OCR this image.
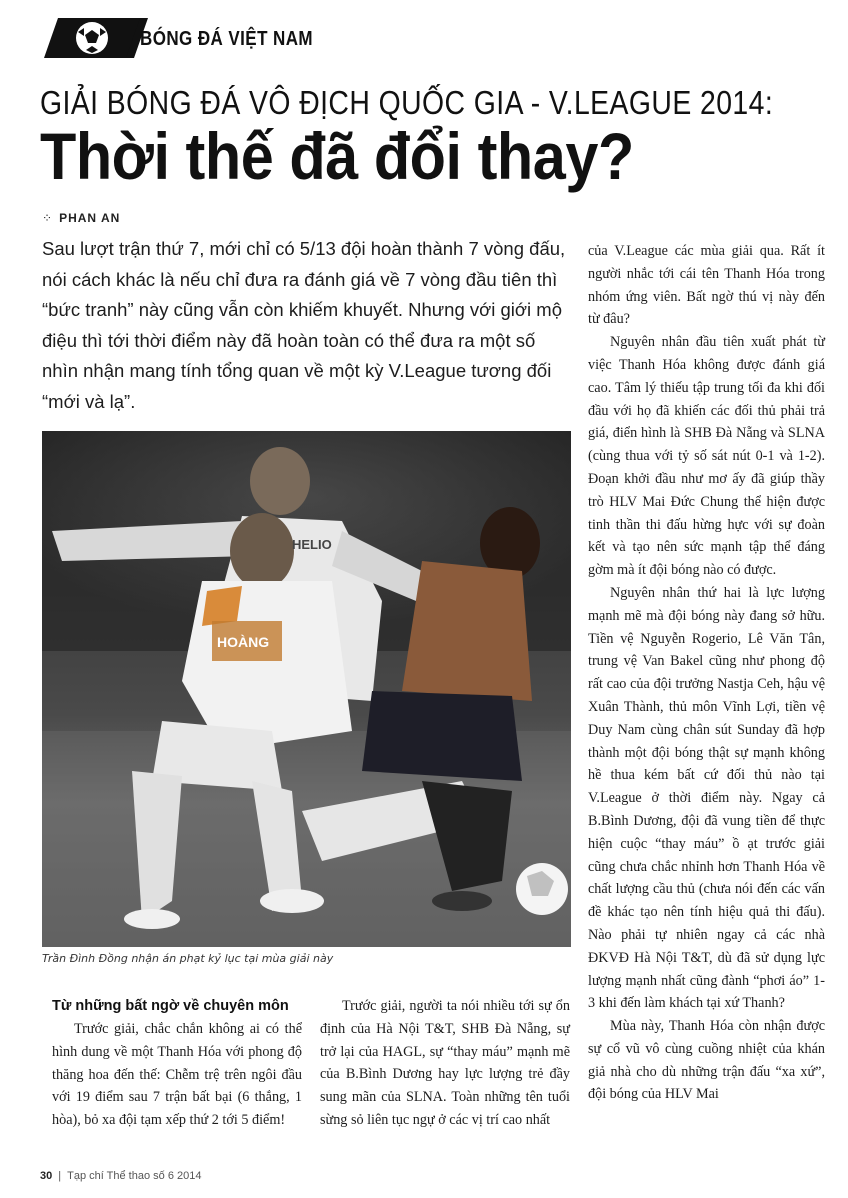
BÓNG ĐÁ VIỆT NAM
GIẢI BÓNG ĐÁ VÔ ĐỊCH QUỐC GIA - V.LEAGUE 2014:
Thời thế đã đổi thay?
⁘ PHAN AN
Sau lượt trận thứ 7, mới chỉ có 5/13 đội hoàn thành 7 vòng đấu, nói cách khác là nếu chỉ đưa ra đánh giá về 7 vòng đầu tiên thì “bức tranh” này cũng vẫn còn khiếm khuyết. Nhưng với giới mộ điệu thì tới thời điểm này đã hoàn toàn có thể đưa ra một số nhìn nhận mang tính tổng quan về một kỳ V.League tương đối “mới và lạ”.
HELIO
HOÀNG
Trần Đình Đồng nhận án phạt kỷ lục tại mùa giải này

của V.League các mùa giải qua. Rất ít người nhắc tới cái tên Thanh Hóa trong nhóm ứng viên. Bất ngờ thú vị này đến từ đâu?

Nguyên nhân đầu tiên xuất phát từ việc Thanh Hóa không được đánh giá cao. Tâm lý thiếu tập trung tối đa khi đối đầu với họ đã khiến các đối thủ phải trả giá, điển hình là SHB Đà Nẵng và SLNA (cùng thua với tỷ số sát nút 0-1 và 1-2). Đoạn khởi đầu như mơ ấy đã giúp thầy trò HLV Mai Đức Chung thể hiện được tinh thần thi đấu hừng hực với sự đoàn kết và tạo nên sức mạnh tập thể đáng gờm mà ít đội bóng nào có được.

Nguyên nhân thứ hai là lực lượng mạnh mẽ mà đội bóng này đang sở hữu. Tiền vệ Nguyễn Rogerio, Lê Văn Tân, trung vệ Van Bakel cũng như phong độ rất cao của đội trưởng Nastja Ceh, hậu vệ Xuân Thành, thủ môn Vĩnh Lợi, tiền vệ Duy Nam cùng chân sút Sunday đã hợp thành một đội bóng thật sự mạnh không hề thua kém bất cứ đối thủ nào tại V.League ở thời điểm này. Ngay cả B.Bình Dương, đội đã vung tiền để thực hiện cuộc “thay máu” ồ ạt trước giải cũng chưa chắc nhỉnh hơn Thanh Hóa về chất lượng cầu thủ (chưa nói đến các vấn đề khác tạo nên tính hiệu quả thi đấu). Nào phải tự nhiên ngay cả các nhà ĐKVĐ Hà Nội T&T, dù đã sử dụng lực lượng mạnh nhất cũng đành “phơi áo” 1-3 khi đến làm khách tại xứ Thanh?

Mùa này, Thanh Hóa còn nhận được sự cổ vũ vô cùng cuồng nhiệt của khán giả nhà cho dù những trận đấu “xa xứ”, đội bóng của HLV Mai

Từ những bất ngờ về chuyên môn
Trước giải, chắc chắn không ai có thể hình dung về một Thanh Hóa với phong độ thăng hoa đến thế: Chễm trệ trên ngôi đầu với 19 điểm sau 7 trận bất bại (6 thắng, 1 hòa), bỏ xa đội tạm xếp thứ 2 tới 5 điểm!
Trước giải, người ta nói nhiều tới sự ổn định của Hà Nội T&T, SHB Đà Nẵng, sự trở lại của HAGL, sự “thay máu” mạnh mẽ của B.Bình Dương hay lực lượng trẻ đầy sung mãn của SLNA. Toàn những tên tuổi sừng sỏ liên tục ngự ở các vị trí cao nhất
30 | Tạp chí Thể thao số 6 2014
